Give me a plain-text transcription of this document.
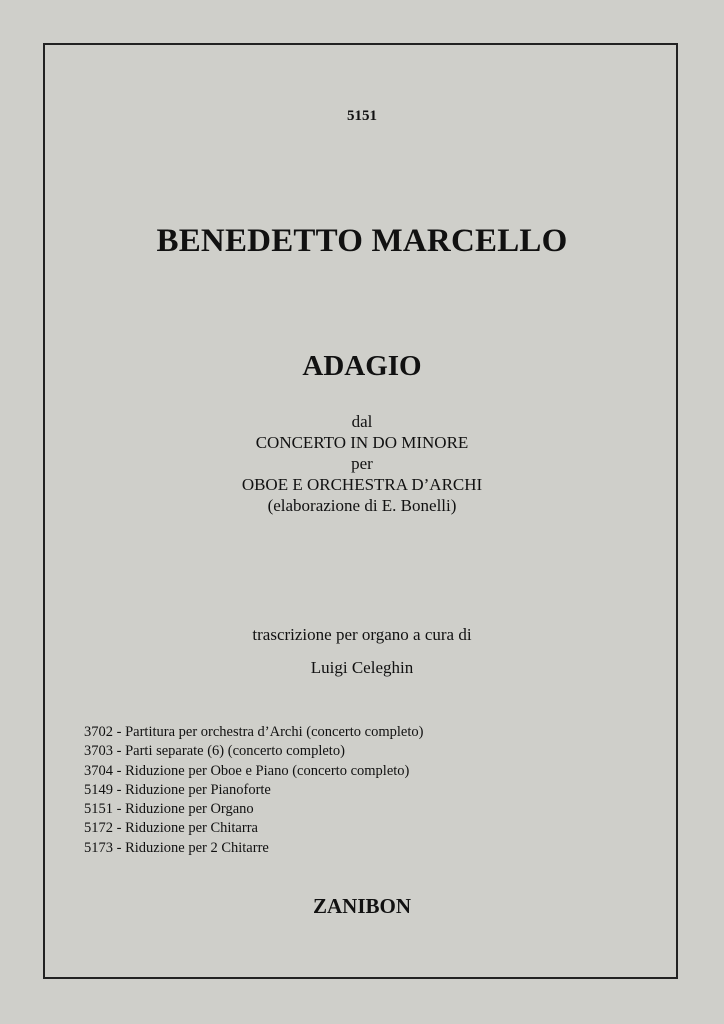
5151
BENEDETTO MARCELLO
ADAGIO
dal
CONCERTO IN DO MINORE
per
OBOE E ORCHESTRA D’ARCHI
(elaborazione di E. Bonelli)
trascrizione per organo a cura di
Luigi Celeghin
3702 - Partitura per orchestra d’Archi (concerto completo)
3703 - Parti separate (6) (concerto completo)
3704 - Riduzione per Oboe e Piano (concerto completo)
5149 - Riduzione per Pianoforte
5151 - Riduzione per Organo
5172 - Riduzione per Chitarra
5173 - Riduzione per 2 Chitarre
ZANIBON
